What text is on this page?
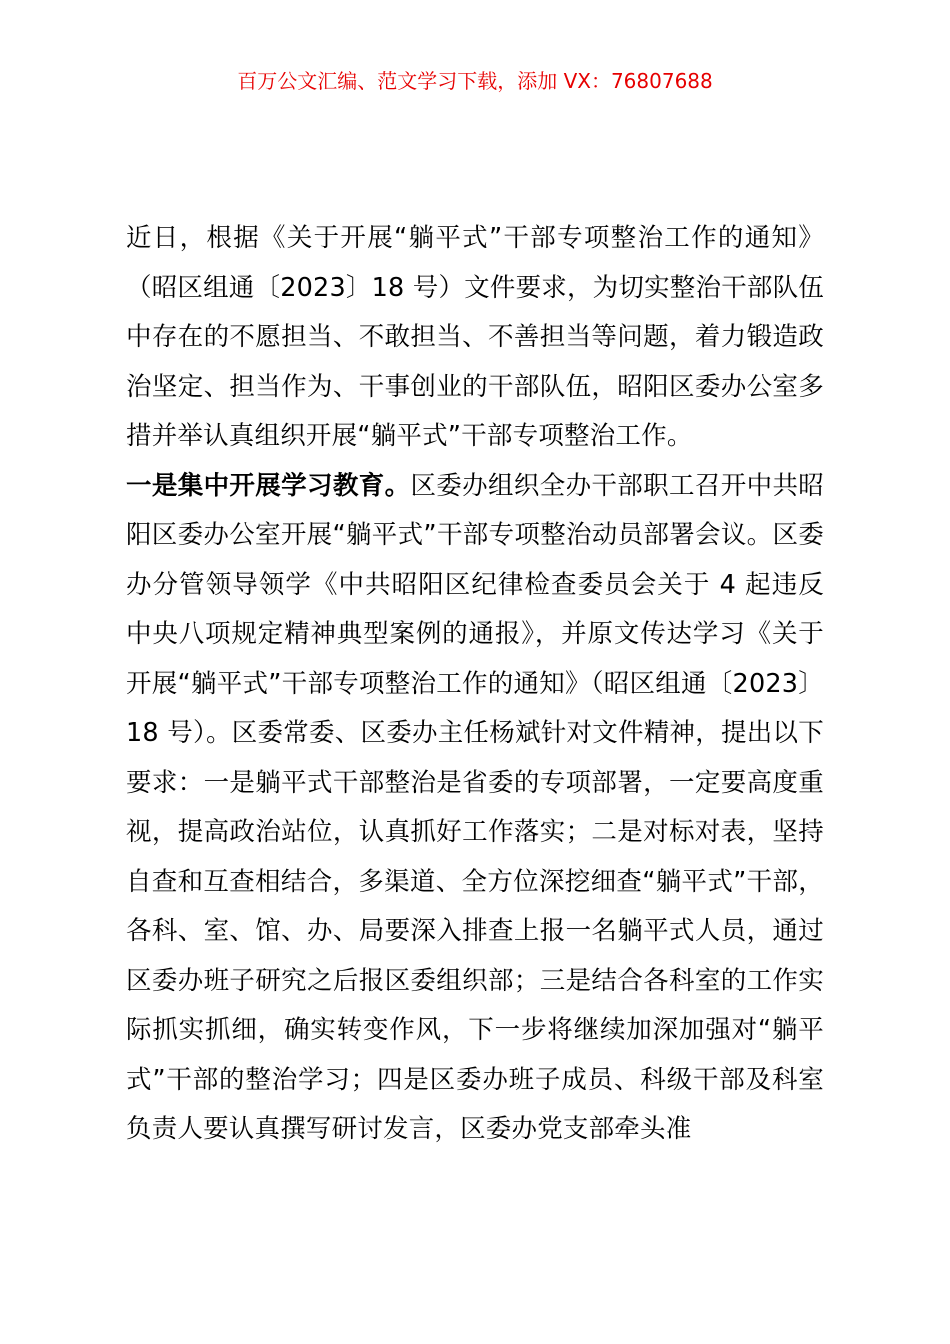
百万公文汇编、范文学习下载，添加 VX：76807688

近日，根据《关于开展“躺平式”干部专项整治工作的通知》（昭区组通〔2023〕18 号）文件要求，为切实整治干部队伍中存在的不愿担当、不敢担当、不善担当等问题，着力锻造政治坚定、担当作为、干事创业的干部队伍，昭阳区委办公室多措并举认真组织开展“躺平式”干部专项整治工作。

一是集中开展学习教育。区委办组织全办干部职工召开中共昭阳区委办公室开展“躺平式”干部专项整治动员部署会议。区委办分管领导领学《中共昭阳区纪律检查委员会关于 4 起违反中央八项规定精神典型案例的通报》，并原文传达学习《关于开展“躺平式”干部专项整治工作的通知》（昭区组通〔2023〕18 号）。区委常委、区委办主任杨斌针对文件精神，提出以下要求：一是躺平式干部整治是省委的专项部署，一定要高度重视，提高政治站位，认真抓好工作落实；二是对标对表，坚持自查和互查相结合，多渠道、全方位深挖细查“躺平式”干部，各科、室、馆、办、局要深入排查上报一名躺平式人员，通过区委办班子研究之后报区委组织部；三是结合各科室的工作实际抓实抓细，确实转变作风，下一步将继续加深加强对“躺平式”干部的整治学习；四是区委办班子成员、科级干部及科室负责人要认真撰写研讨发言，区委办党支部牵头准
